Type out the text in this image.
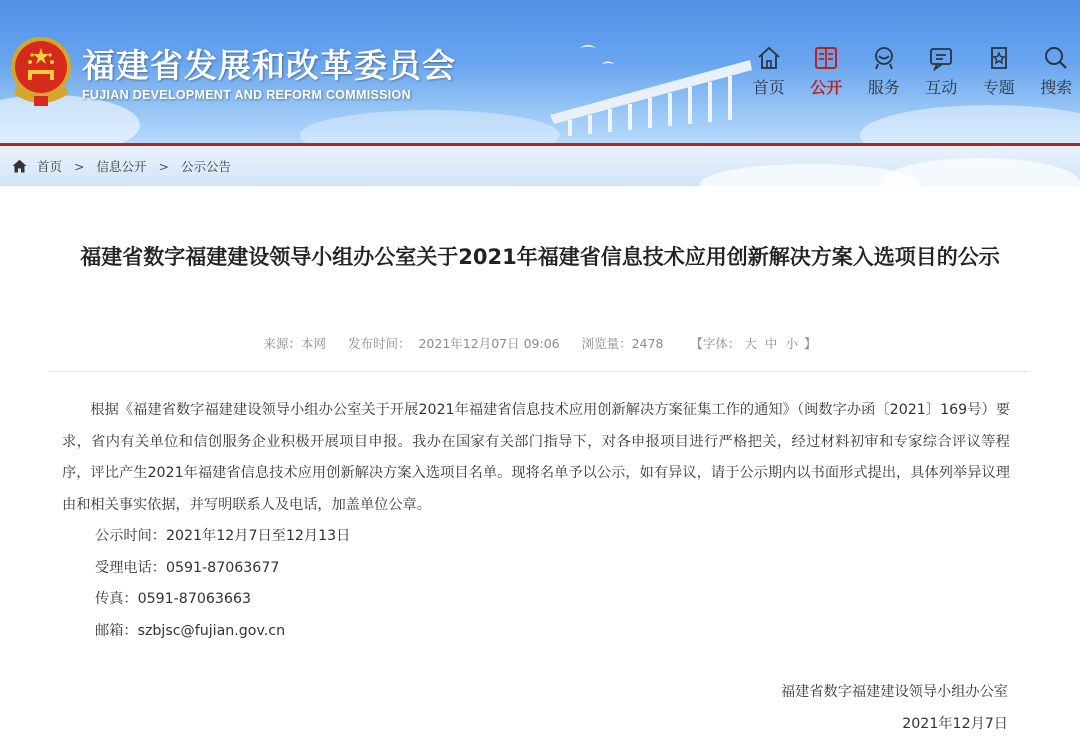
福建省发展和改革委员会
FUJIAN DEVELOPMENT AND REFORM COMMISSION	首页 公开 服务 互动 专题 搜索
首页 > 信息公开 > 公示公告
福建省数字福建建设领导小组办公室关于2021年福建省信息技术应用创新解决方案入选项目的公示
来源：本网 发布时间：  2021年12月07日 09:06 浏览量：2478 【字体： 大 中 小 】

根据《福建省数字福建建设领导小组办公室关于开展2021年福建省信息技术应用创新解决方案征集工作的通知》（闽数字办函〔2021〕169号）要求，省内有关单位和信创服务企业积极开展项目申报。我办在国家有关部门指导下，对各申报项目进行严格把关，经过材料初审和专家综合评议等程序，评比产生2021年福建省信息技术应用创新解决方案入选项目名单。现将名单予以公示，如有异议，请于公示期内以书面形式提出，具体列举异议理由和相关事实依据，并写明联系人及电话，加盖单位公章。

公示时间：2021年12月7日至12月13日

受理电话：0591-87063677

传真：0591-87063663

邮箱：szbjsc@fujian.gov.cn

福建省数字福建建设领导小组办公室
2021年12月7日
